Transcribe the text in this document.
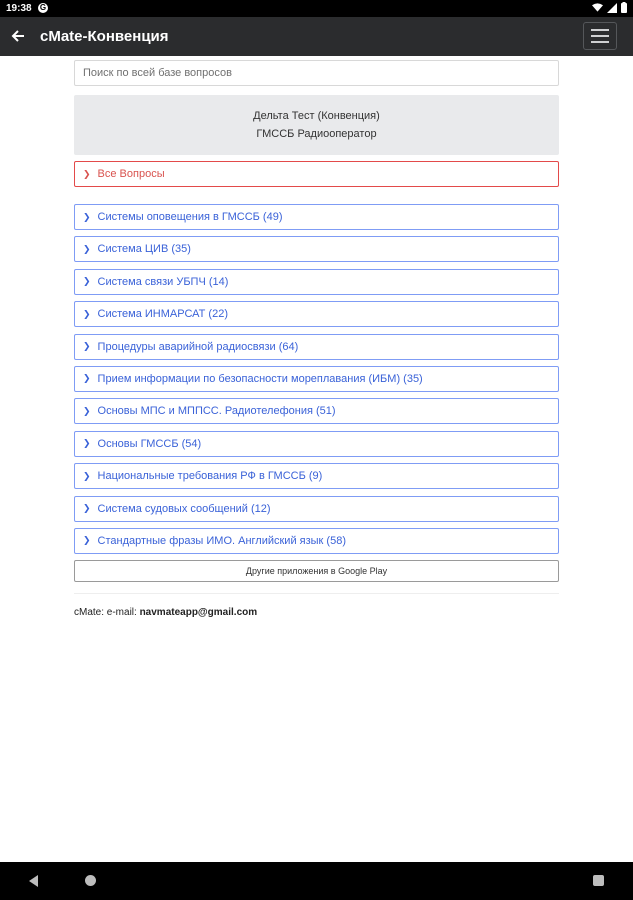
19:38 G
cMate-Конвенция
Поиск по всей базе вопросов
Дельта Тест (Конвенция)
ГМССБ Радиооператор
❯ Все Вопросы
❯ Системы оповещения в ГМССБ (49)
❯ Система ЦИВ (35)
❯ Система связи УБПЧ (14)
❯ Система ИНМАРСАТ (22)
❯ Процедуры аварийной радиосвязи (64)
❯ Прием информации по безопасности мореплавания (ИБМ) (35)
❯ Основы МПС и МППСС. Радиотелефония (51)
❯ Основы ГМССБ (54)
❯ Национальные требования РФ в ГМССБ (9)
❯ Система судовых сообщений (12)
❯ Стандартные фразы ИМО. Английский язык (58)
Другие приложения в Google Play
cMate: e-mail: navmateapp@gmail.com
